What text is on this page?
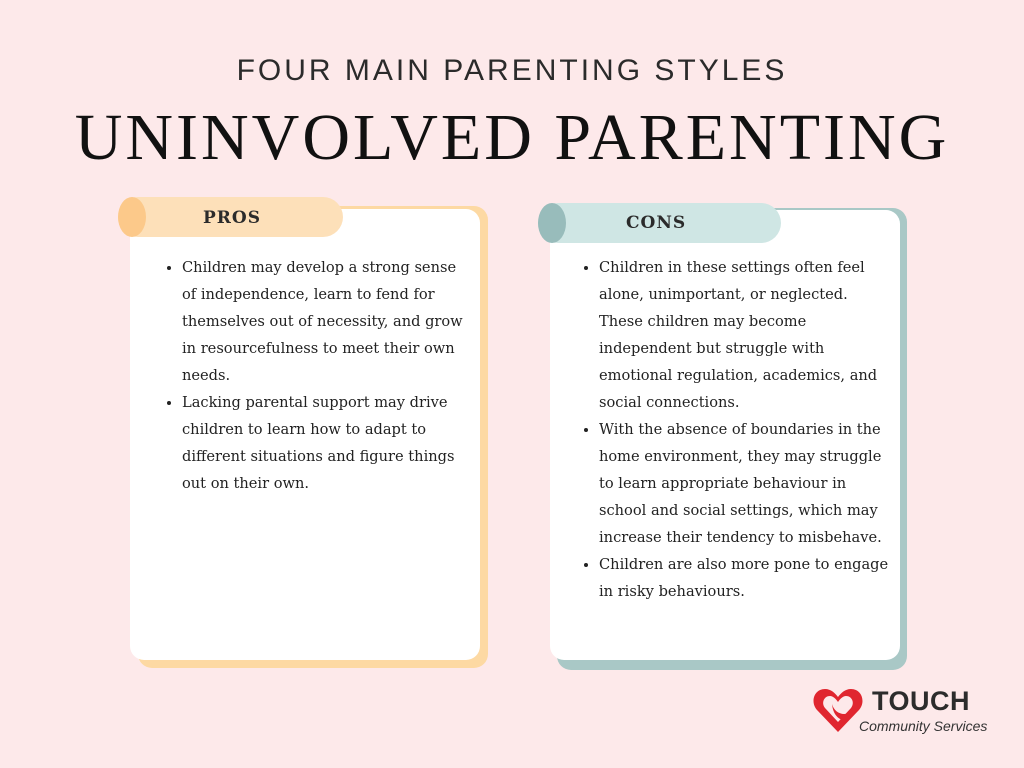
FOUR MAIN PARENTING STYLES
UNINVOLVED PARENTING
PROS
• Children may develop a strong sense of independence, learn to fend for themselves out of necessity, and grow in resourcefulness to meet their own needs.
• Lacking parental support may drive children to learn how to adapt to different situations and figure things out on their own.
CONS
• Children in these settings often feel alone, unimportant, or neglected. These children may become independent but struggle with emotional regulation, academics, and social connections.
• With the absence of boundaries in the home environment, they may struggle to learn appropriate behaviour in school and social settings, which may increase their tendency to misbehave.
• Children are also more pone to engage in risky behaviours.
TOUCH
Community Services
